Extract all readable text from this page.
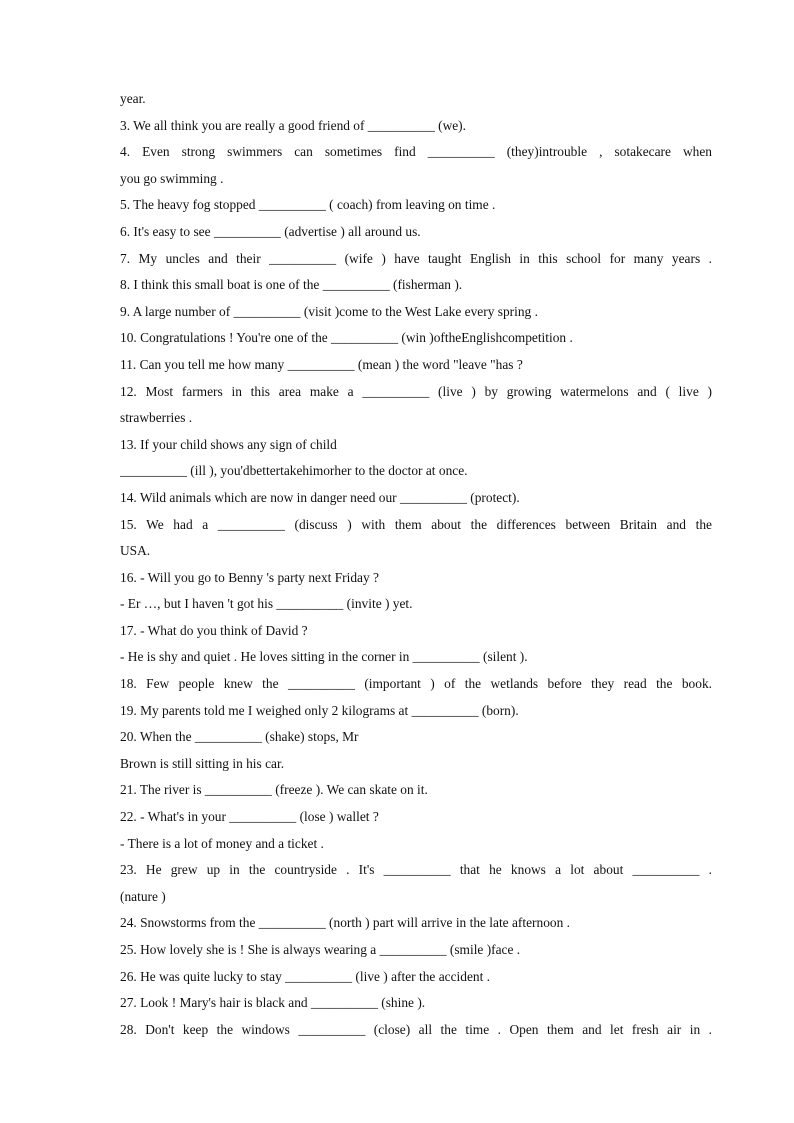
year.
3. We all think you are really a good friend of __________ (we).
4. Even strong swimmers can sometimes find __________ (they)introuble , sotakecare when
you go swimming .
5. The heavy fog stopped __________ ( coach) from leaving on time .
6. It's easy to see __________ (advertise ) all around us.
7. My uncles and their __________ (wife ) have taught English in this school for many years .
8. I think this small boat is one of the __________ (fisherman ).
9. A large number of __________ (visit )come to the West Lake every spring .
10. Congratulations ! You're one of the __________ (win )oftheEnglishcompetition .
11. Can you tell me how many __________ (mean ) the word "leave "has ?
12. Most farmers in this area make a __________ (live ) by growing watermelons and ( live )
strawberries .
13. If your child shows any sign of child
__________ (ill ), you'dbettertakehimorher to the doctor at once.
14. Wild animals which are now in danger need our __________ (protect).
15. We had a __________ (discuss ) with them about the differences between Britain and the
USA.
16. - Will you go to Benny 's party next Friday ?
- Er …, but I haven 't got his __________ (invite ) yet.
17. - What do you think of David ?
- He is shy and quiet . He loves sitting in the corner in __________ (silent ).
18. Few people knew the __________ (important ) of the wetlands before they read the book.
19. My parents told me I weighed only 2 kilograms at __________ (born).
20. When the __________ (shake) stops, Mr
Brown is still sitting in his car.
21. The river is __________ (freeze ). We can skate on it.
22. - What's in your __________ (lose ) wallet ?
- There is a lot of money and a ticket .
23. He grew up in the countryside . It's __________ that he knows a lot about __________ .
(nature )
24. Snowstorms from the __________ (north ) part will arrive in the late afternoon .
25. How lovely she is ! She is always wearing a __________ (smile )face .
26. He was quite lucky to stay __________ (live ) after the accident .
27. Look ! Mary's hair is black and __________ (shine ).
28. Don't keep the windows __________ (close) all the time . Open them and let fresh air in .
